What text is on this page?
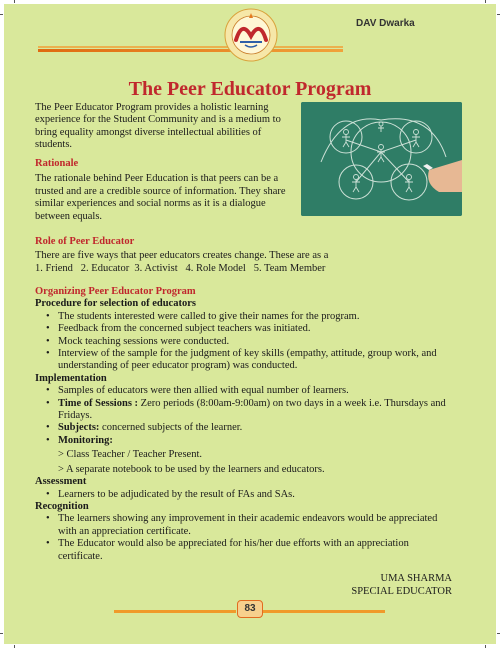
DAV Dwarka
The Peer Educator Program
The Peer Educator Program provides a holistic learning experience for the Student Community and is a medium to bring equality amongst diverse intellectual abilities of students.
Rationale
The rationale behind Peer Education is that peers can be a trusted and are a credible source of information. They share similar experiences and social norms as it is a dialogue between equals.
Role of Peer Educator
There are five ways that peer educators creates change. These are as a
1. Friend   2. Educator  3. Activist   4. Role Model   5. Team Member
Organizing Peer Educator Program
Procedure for selection of educators
• The students interested were called to give their names for the program.
• Feedback from the concerned subject teachers was initiated.
• Mock teaching sessions were conducted.
• Interview of the sample for the judgment of key skills (empathy, attitude, group work, and understanding of peer educator program) was conducted.
Implementation
• Samples of educators were then allied with equal number of learners.
• Time of Sessions : Zero periods (8:00am-9:00am) on two days in a week i.e. Thursdays and Fridays.
• Subjects: concerned subjects of the learner.
• Monitoring:
> Class Teacher / Teacher Present.
> A separate notebook to be used by the learners and educators.
Assessment
• Learners to be adjudicated by the result of FAs and SAs.
Recognition
• The learners showing any improvement in their academic endeavors would be appreciated with an appreciation certificate.
• The Educator would also be appreciated for his/her due efforts with an appreciation certificate.
UMA SHARMA
SPECIAL EDUCATOR
83
